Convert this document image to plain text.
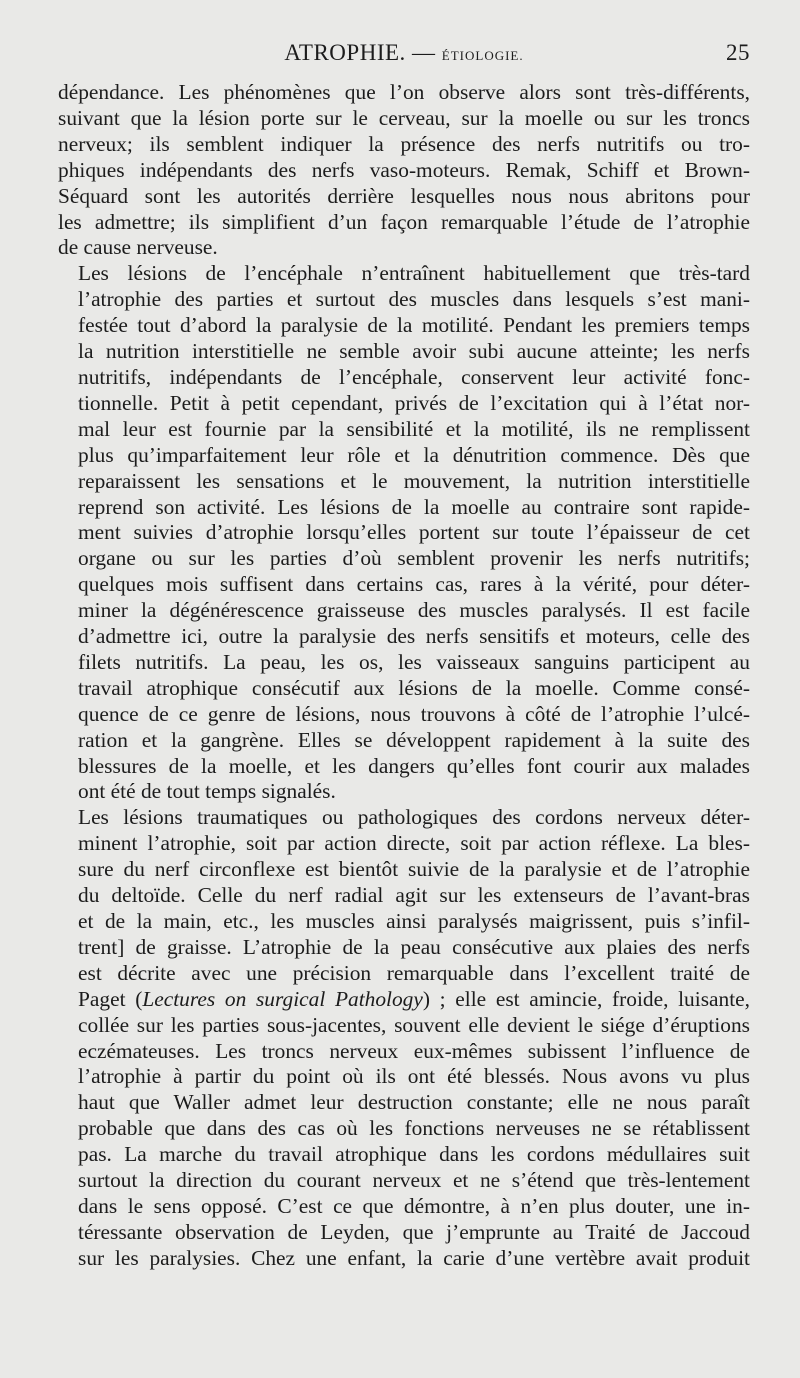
ATROPHIE. — ÉTIOLOGIE.	25

dépendance. Les phénomènes que l’on observe alors sont très-différents,
suivant que la lésion porte sur le cerveau, sur la moelle ou sur les troncs
nerveux; ils semblent indiquer la présence des nerfs nutritifs ou tro-
phiques indépendants des nerfs vaso-moteurs. Remak, Schiff et Brown-
Séquard sont les autorités derrière lesquelles nous nous abritons pour
les admettre; ils simplifient d’un façon remarquable l’étude de l’atrophie
de cause nerveuse.

Les lésions de l’encéphale n’entraînent habituellement que très-tard
l’atrophie des parties et surtout des muscles dans lesquels s’est mani-
festée tout d’abord la paralysie de la motilité. Pendant les premiers temps
la nutrition interstitielle ne semble avoir subi aucune atteinte; les nerfs
nutritifs, indépendants de l’encéphale, conservent leur activité fonc-
tionnelle. Petit à petit cependant, privés de l’excitation qui à l’état nor-
mal leur est fournie par la sensibilité et la motilité, ils ne remplissent
plus qu’imparfaitement leur rôle et la dénutrition commence. Dès que
reparaissent les sensations et le mouvement, la nutrition interstitielle
reprend son activité. Les lésions de la moelle au contraire sont rapide-
ment suivies d’atrophie lorsqu’elles portent sur toute l’épaisseur de cet
organe ou sur les parties d’où semblent provenir les nerfs nutritifs;
quelques mois suffisent dans certains cas, rares à la vérité, pour déter-
miner la dégénérescence graisseuse des muscles paralysés. Il est facile
d’admettre ici, outre la paralysie des nerfs sensitifs et moteurs, celle des
filets nutritifs. La peau, les os, les vaisseaux sanguins participent au
travail atrophique consécutif aux lésions de la moelle. Comme consé-
quence de ce genre de lésions, nous trouvons à côté de l’atrophie l’ulcé-
ration et la gangrène. Elles se développent rapidement à la suite des
blessures de la moelle, et les dangers qu’elles font courir aux malades
ont été de tout temps signalés.

Les lésions traumatiques ou pathologiques des cordons nerveux déter-
minent l’atrophie, soit par action directe, soit par action réflexe. La bles-
sure du nerf circonflexe est bientôt suivie de la paralysie et de l’atrophie
du deltoïde. Celle du nerf radial agit sur les extenseurs de l’avant-bras
et de la main, etc., les muscles ainsi paralysés maigrissent, puis s’infil-
trent] de graisse. L’atrophie de la peau consécutive aux plaies des nerfs
est décrite avec une précision remarquable dans l’excellent traité de
Paget (Lectures on surgical Pathology) ; elle est amincie, froide, luisante,
collée sur les parties sous-jacentes, souvent elle devient le siége d’éruptions
eczémateuses. Les troncs nerveux eux-mêmes subissent l’influence de
l’atrophie à partir du point où ils ont été blessés. Nous avons vu plus
haut que Waller admet leur destruction constante; elle ne nous paraît
probable que dans des cas où les fonctions nerveuses ne se rétablissent
pas. La marche du travail atrophique dans les cordons médullaires suit
surtout la direction du courant nerveux et ne s’étend que très-lentement
dans le sens opposé. C’est ce que démontre, à n’en plus douter, une in-
téressante observation de Leyden, que j’emprunte au Traité de Jaccoud
sur les paralysies. Chez une enfant, la carie d’une vertèbre avait produit
